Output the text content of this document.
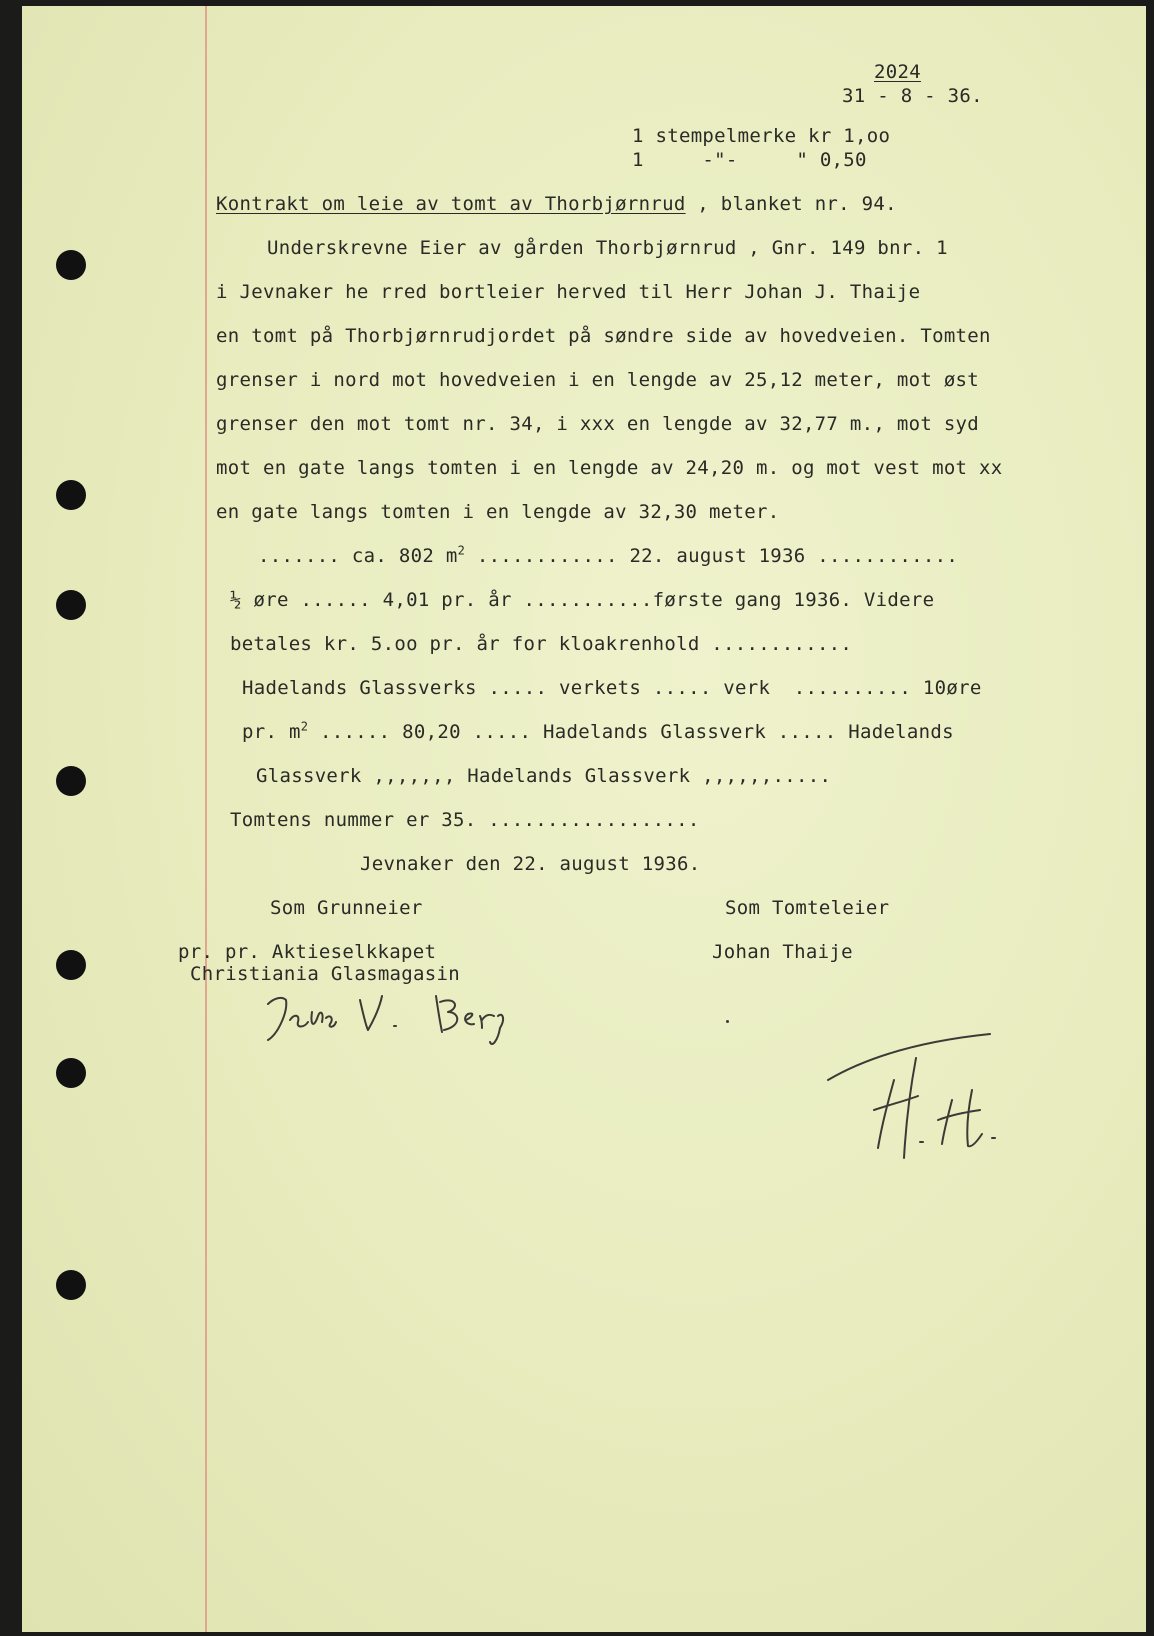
2024
31 - 8 - 36.
1 stempelmerke kr 1,oo
1     -"-     " 0,50
Kontrakt om leie av tomt av Thorbjørnrud , blanket nr. 94.
Underskrevne Eier av gården Thorbjørnrud , Gnr. 149 bnr. 1
i Jevnaker he rred bortleier herved til Herr Johan J. Thaije
en tomt på Thorbjørnrudjordet på søndre side av hovedveien. Tomten
grenser i nord mot hovedveien i en lengde av 25,12 meter, mot øst
grenser den mot tomt nr. 34, i xxx en lengde av 32,77 m., mot syd
mot en gate langs tomten i en lengde av 24,20 m. og mot vest mot xx
en gate langs tomten i en lengde av 32,30 meter.
....... ca. 802 $m^2$ ............ 22. august 1936 ............
½ øre ...... 4,01 pr. år ...........første gang 1936. Videre
betales kr. 5.oo pr. år for kloakrenhold ............
Hadelands Glassverks ..... verkets ..... verk  .......... 10øre
pr. $m^2$ ...... 80,20 ..... Hadelands Glassverk ..... Hadelands
Glassverk ,,,,,,, Hadelands Glassverk ,,,,,,.....
Tomtens nummer er 35. ..................
Jevnaker den 22. august 1936.
Som Grunneier	Som Tomteleier
pr. pr. Aktieselkkapet	Johan Thaije
Christiania Glasmagasin
